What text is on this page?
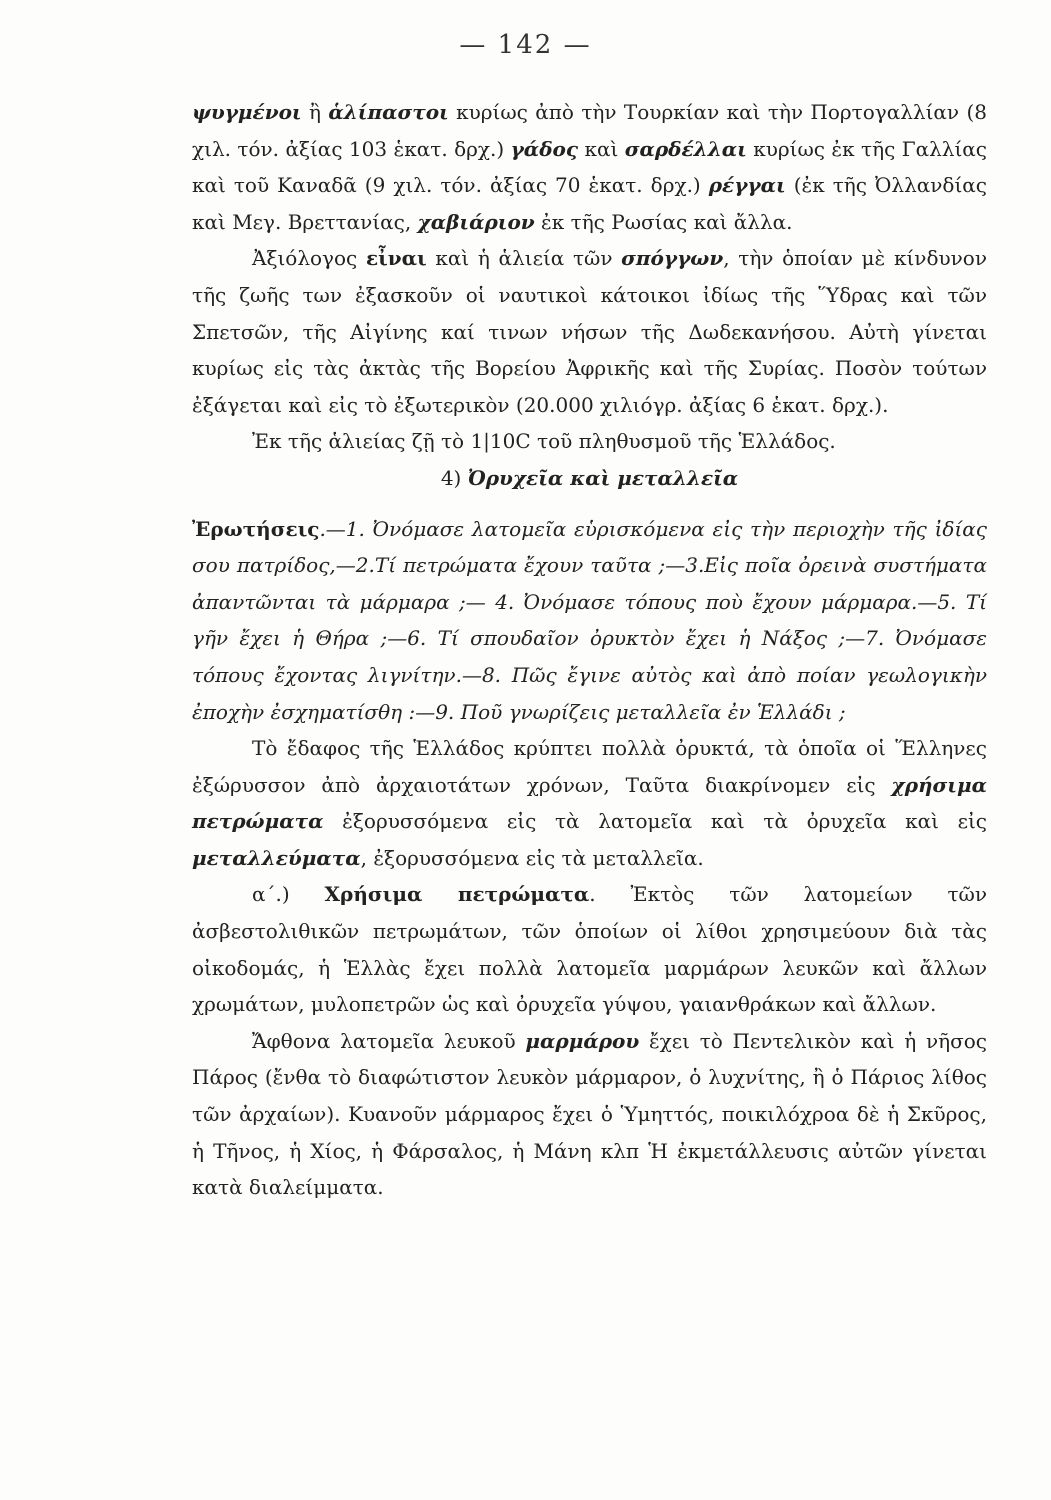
— 142 —

ψυγμένοι ἢ ἁλίπαστοι κυρίως ἀπὸ τὴν Τουρκίαν καὶ τὴν Πορτογαλλίαν (8 χιλ. τόν. ἀξίας 103 ἑκατ. δρχ.) γάδος καὶ σαρδέλλαι κυρίως ἐκ τῆς Γαλλίας καὶ τοῦ Καναδᾶ (9 χιλ. τόν. ἀξίας 70 ἑκατ. δρχ.) ρέγγαι (ἐκ τῆς Ὀλλανδίας καὶ Μεγ. Βρεττανίας, χαβιάριον ἐκ τῆς Ρωσίας καὶ ἄλλα.

Ἀξιόλογος εἶναι καὶ ἡ ἁλιεία τῶν σπόγγων, τὴν ὁποίαν μὲ κίνδυνον τῆς ζωῆς των ἐξασκοῦν οἱ ναυτικοὶ κάτοικοι ἰδίως τῆς Ὕδρας καὶ τῶν Σπετσῶν, τῆς Αἰγίνης καί τινων νήσων τῆς Δωδεκανήσου. Αὐτὴ γίνεται κυρίως εἰς τὰς ἀκτὰς τῆς Βορείου Ἀφρικῆς καὶ τῆς Συρίας. Ποσὸν τούτων ἐξάγεται καὶ εἰς τὸ ἐξωτερικὸν (20.000 χιλιόγρ. ἀξίας 6 ἑκατ. δρχ.).

Ἐκ τῆς ἁλιείας ζῇ τὸ 1|10C τοῦ πληθυσμοῦ τῆς Ἑλλάδος.

4) Ὀρυχεῖα καὶ μεταλλεῖα

Ἐρωτήσεις.—1. Ὀνόμασε λατομεῖα εὑρισκόμενα εἰς τὴν περιοχὴν τῆς ἰδίας σου πατρίδος,—2.Τί πετρώματα ἔχουν ταῦτα ;—3.Εἰς ποῖα ὀρεινὰ συστήματα ἀπαντῶνται τὰ μάρμαρα ;— 4. Ὀνόμασε τόπους ποὺ ἔχουν μάρμαρα.—5. Τί γῆν ἔχει ἡ Θήρα ;—6. Τί σπουδαῖον ὀρυκτὸν ἔχει ἡ Νάξος ;—7. Ὀνόμασε τόπους ἔχοντας λιγνίτην.—8. Πῶς ἔγινε αὐτὸς καὶ ἀπὸ ποίαν γεωλογικὴν ἐποχὴν ἐσχηματίσθη :—9. Ποῦ γνωρίζεις μεταλλεῖα ἐν Ἑλλάδι ;

Τὸ ἔδαφος τῆς Ἑλλάδος κρύπτει πολλὰ ὀρυκτά, τὰ ὁποῖα οἱ Ἕλληνες ἐξώρυσσον ἀπὸ ἀρχαιοτάτων χρόνων, Ταῦτα διακρίνομεν εἰς χρήσιμα πετρώματα ἐξορυσσόμενα εἰς τὰ λατομεῖα καὶ τὰ ὀρυχεῖα καὶ εἰς μεταλλεύματα, ἐξορυσσόμενα εἰς τὰ μεταλλεῖα.

α΄.) Χρήσιμα πετρώματα. Ἐκτὸς τῶν λατομείων τῶν ἀσβεστολιθικῶν πετρωμάτων, τῶν ὁποίων οἱ λίθοι χρησιμεύουν διὰ τὰς οἰκοδομάς, ἡ Ἑλλὰς ἔχει πολλὰ λατομεῖα μαρμάρων λευκῶν καὶ ἄλλων χρωμάτων, μυλοπετρῶν ὡς καὶ ὀρυχεῖα γύψου, γαιανθράκων καὶ ἄλλων.

Ἄφθονα λατομεῖα λευκοῦ μαρμάρου ἔχει τὸ Πεντελικὸν καὶ ἡ νῆσος Πάρος (ἔνθα τὸ διαφώτιστον λευκὸν μάρμαρον, ὁ λυχνίτης, ἢ ὁ Πάριος λίθος τῶν ἀρχαίων). Κυανοῦν μάρμαρος ἔχει ὁ Ὑμηττός, ποικιλόχροα δὲ ἡ Σκῦρος, ἡ Τῆνος, ἡ Χίος, ἡ Φάρσαλος, ἡ Μάνη κλπ Ἡ ἐκμετάλλευσις αὐτῶν γίνεται κατὰ διαλείμματα.
